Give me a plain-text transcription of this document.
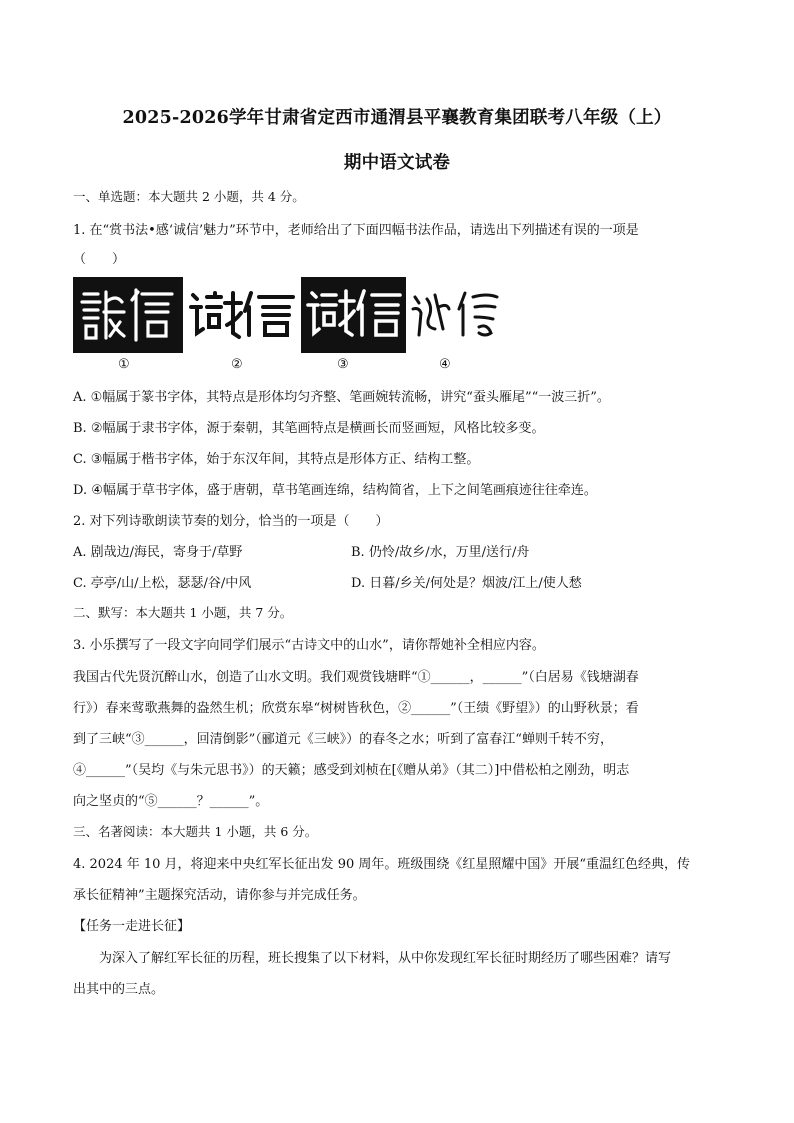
2025-2026学年甘肃省定西市通渭县平襄教育集团联考八年级（上）
期中语文试卷
一、单选题：本大题共 2 小题，共 4 分。
1. 在“赏书法•感‘诚信’魅力”环节中，老师给出了下面四幅书法作品，请选出下列描述有误的一项是
（　　）
①	②	③	④
A. ①幅属于篆书字体，其特点是形体均匀齐整、笔画婉转流畅，讲究“蚕头雁尾”“一波三折”。
B. ②幅属于隶书字体，源于秦朝，其笔画特点是横画长而竖画短，风格比较多变。
C. ③幅属于楷书字体，始于东汉年间，其特点是形体方正、结构工整。
D. ④幅属于草书字体，盛于唐朝，草书笔画连绵，结构简省，上下之间笔画痕迹往往牵连。
2. 对下列诗歌朗读节奏的划分，恰当的一项是（　　）
A. 剧哉边/海民，寄身于/草野	B. 仍怜/故乡/水，万里/送行/舟
C. 亭亭/山/上松，瑟瑟/谷/中风	D. 日暮/乡关/何处是？烟波/江上/使人愁
二、默写：本大题共 1 小题，共 7 分。
3. 小乐撰写了一段文字向同学们展示“古诗文中的山水”，请你帮她补全相应内容。
我国古代先贤沉醉山水，创造了山水文明。我们观赏钱塘畔“①______，______”（白居易《钱塘湖春
行》）春来莺歌燕舞的盎然生机；欣赏东皋“树树皆秋色，②______”（王绩《野望》）的山野秋景；看
到了三峡“③______，回清倒影”（郦道元《三峡》）的春冬之水；听到了富春江“蝉则千转不穷，
④______”（吴均《与朱元思书》）的天籁；感受到刘桢在[《赠从弟》（其二）]中借松柏之刚劲，明志
向之坚贞的“⑤______？______”。
三、名著阅读：本大题共 1 小题，共 6 分。
4. 2024 年 10 月，将迎来中央红军长征出发 90 周年。班级围绕《红星照耀中国》开展“重温红色经典，传
承长征精神”主题探究活动，请你参与并完成任务。
【任务一走进长征】
为深入了解红军长征的历程，班长搜集了以下材料，从中你发现红军长征时期经历了哪些困难？请写
出其中的三点。
